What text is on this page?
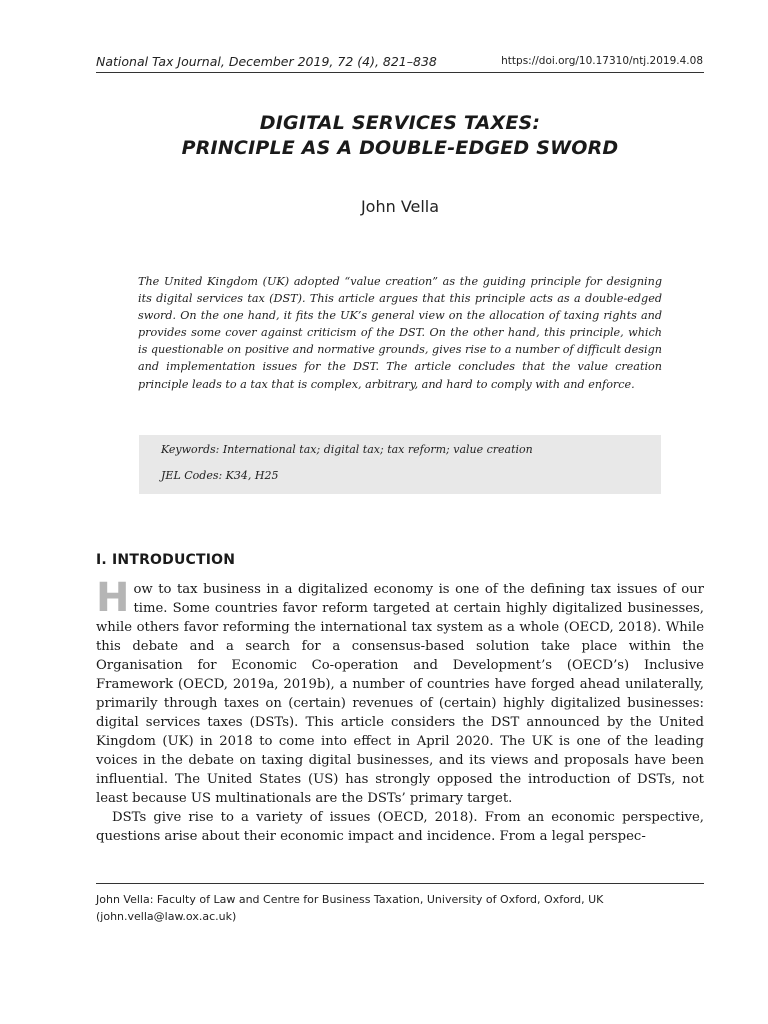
National Tax Journal, December 2019, 72 (4), 821–838	https://doi.org/10.17310/ntj.2019.4.08
DIGITAL SERVICES TAXES:
PRINCIPLE AS A DOUBLE-EDGED SWORD
John Vella
The United Kingdom (UK) adopted “value creation” as the guiding principle for designing its digital services tax (DST). This article argues that this principle acts as a double-edged sword. On the one hand, it fits the UK’s general view on the allocation of taxing rights and provides some cover against criticism of the DST. On the other hand, this principle, which is questionable on positive and normative grounds, gives rise to a number of difficult design and implementation issues for the DST. The article concludes that the value creation principle leads to a tax that is complex, arbitrary, and hard to comply with and enforce.
Keywords: International tax; digital tax; tax reform; value creation
JEL Codes: K34, H25
I. INTRODUCTION

How to tax business in a digitalized economy is one of the defining tax issues of our time. Some countries favor reform targeted at certain highly digitalized businesses, while others favor reforming the international tax system as a whole (OECD, 2018). While this debate and a search for a consensus-based solution take place within the Organisation for Economic Co-operation and Development’s (OECD’s) Inclusive Framework (OECD, 2019a, 2019b), a number of countries have forged ahead unilaterally, primarily through taxes on (certain) revenues of (certain) highly digitalized businesses: digital services taxes (DSTs). This article considers the DST announced by the United Kingdom (UK) in 2018 to come into effect in April 2020. The UK is one of the leading voices in the debate on taxing digital businesses, and its views and proposals have been influential. The United States (US) has strongly opposed the introduction of DSTs, not least because US multinationals are the DSTs’ primary target.

DSTs give rise to a variety of issues (OECD, 2018). From an economic perspective, questions arise about their economic impact and incidence. From a legal perspec-

John Vella: Faculty of Law and Centre for Business Taxation, University of Oxford, Oxford, UK (john.vella@law.ox.ac.uk)
